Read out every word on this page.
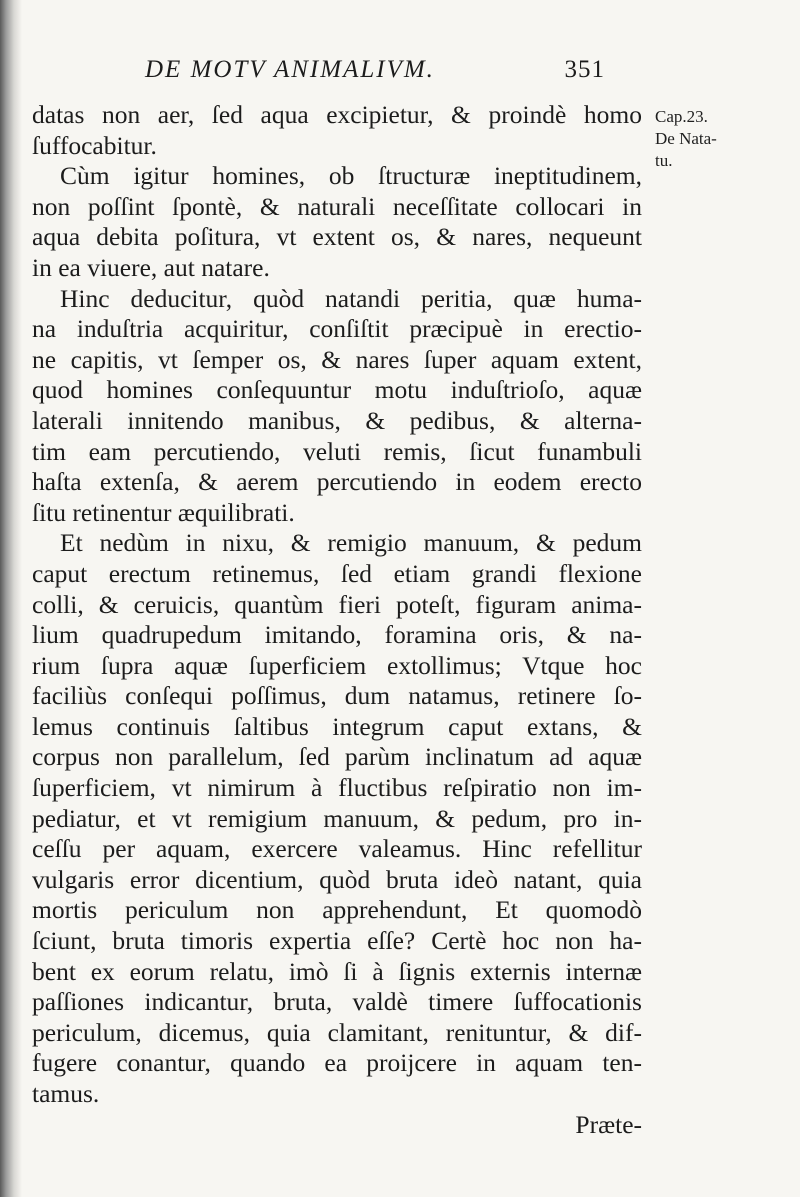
DE MOTV ANIMALIVM.	351
Cap.23.
De Nata-
tu.
datas non aer, ſed aqua excipietur, & proindè homo
ſuffocabitur.
Cùm igitur homines, ob ſtructuræ ineptitudinem,
non poſſint ſpontè, & naturali neceſſitate collocari in
aqua debita poſitura, vt extent os, & nares, nequeunt
in ea viuere, aut natare.
Hinc deducitur, quòd natandi peritia, quæ huma-
na induſtria acquiritur, conſiſtit præcipuè in erectio-
ne capitis, vt ſemper os, & nares ſuper aquam extent,
quod homines conſequuntur motu induſtrioſo, aquæ
laterali innitendo manibus, & pedibus, & alterna-
tim eam percutiendo, veluti remis, ſicut funambuli
haſta extenſa, & aerem percutiendo in eodem erecto
ſitu retinentur æquilibrati.
Et nedùm in nixu, & remigio manuum, & pedum
caput erectum retinemus, ſed etiam grandi flexione
colli, & ceruicis, quantùm fieri poteſt, figuram anima-
lium quadrupedum imitando, foramina oris, & na-
rium ſupra aquæ ſuperficiem extollimus; Vtque hoc
faciliùs conſequi poſſimus, dum natamus, retinere ſo-
lemus continuis ſaltibus integrum caput extans, &
corpus non parallelum, ſed parùm inclinatum ad aquæ
ſuperficiem, vt nimirum à fluctibus reſpiratio non im-
pediatur, et vt remigium manuum, & pedum, pro in-
ceſſu per aquam, exercere valeamus. Hinc refellitur
vulgaris error dicentium, quòd bruta ideò natant, quia
mortis periculum non apprehendunt, Et quomodò
ſciunt, bruta timoris expertia eſſe? Certè hoc non ha-
bent ex eorum relatu, imò ſi à ſignis externis internæ
paſſiones indicantur, bruta, valdè timere ſuffocationis
periculum, dicemus, quia clamitant, renituntur, & dif-
fugere conantur, quando ea proijcere in aquam ten-
tamus.
Præte-
